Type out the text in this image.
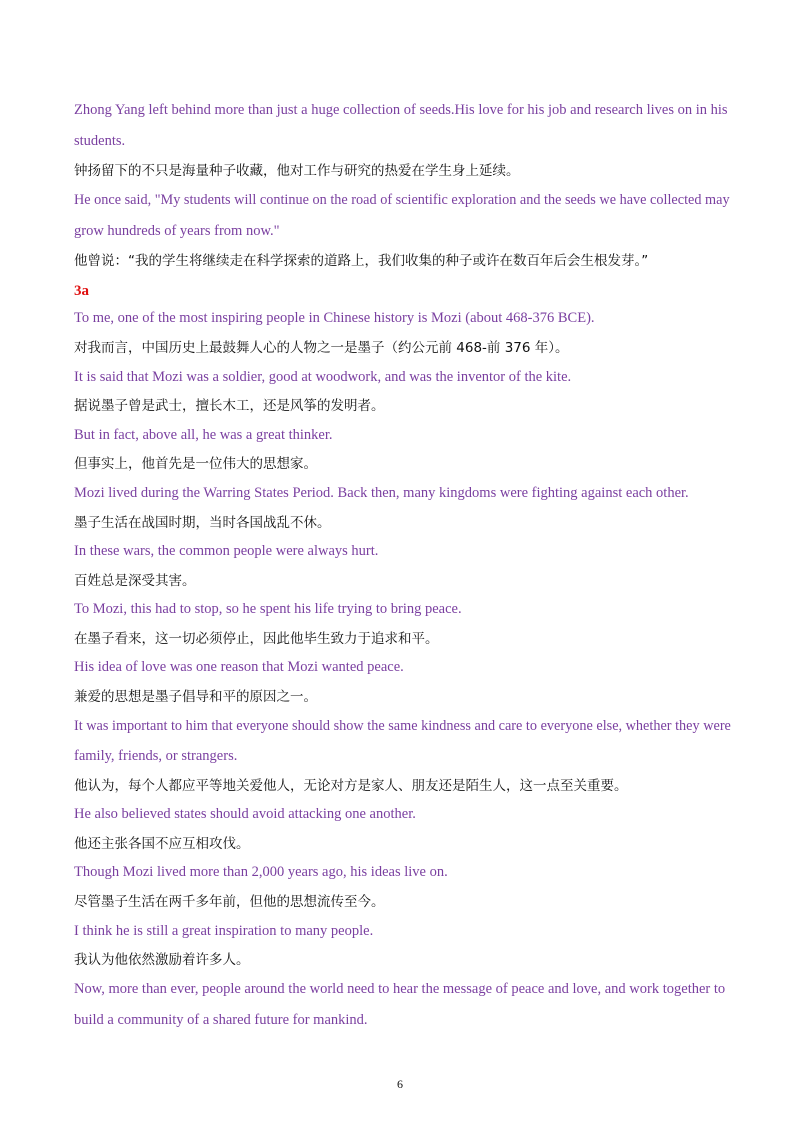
Zhong Yang left behind more than just a huge collection of seeds.His love for his job and research lives on in his
students.
钟扬留下的不只是海量种子收藏，他对工作与研究的热爱在学生身上延续。
He once said, "My students will continue on the road of scientific exploration and the seeds we have collected may
grow hundreds of years from now."
他曾说：“我的学生将继续走在科学探索的道路上，我们收集的种子或许在数百年后会生根发芽。”
3a
To me, one of the most inspiring people in Chinese history is Mozi (about 468-376 BCE).
对我而言，中国历史上最鼓舞人心的人物之一是墨子（约公元前 468-前 376 年）。
It is said that Mozi was a soldier, good at woodwork, and was the inventor of the kite.
据说墨子曾是武士，擅长木工，还是风筝的发明者。
But in fact, above all, he was a great thinker.
但事实上，他首先是一位伟大的思想家。
Mozi lived during the Warring States Period. Back then, many kingdoms were fighting against each other.
墨子生活在战国时期，当时各国战乱不休。
In these wars, the common people were always hurt.
百姓总是深受其害。
To Mozi, this had to stop, so he spent his life trying to bring peace.
在墨子看来，这一切必须停止，因此他毕生致力于追求和平。
His idea of love was one reason that Mozi wanted peace.
兼爱的思想是墨子倡导和平的原因之一。
It was important to him that everyone should show the same kindness and care to everyone else, whether they were
family, friends, or strangers.
他认为，每个人都应平等地关爱他人，无论对方是家人、朋友还是陌生人，这一点至关重要。
He also believed states should avoid attacking one another.
他还主张各国不应互相攻伐。
Though Mozi lived more than 2,000 years ago, his ideas live on.
尽管墨子生活在两千多年前，但他的思想流传至今。
I think he is still a great inspiration to many people.
我认为他依然激励着许多人。
Now, more than ever, people around the world need to hear the message of peace and love, and work together to
build a community of a shared future for mankind.
6
